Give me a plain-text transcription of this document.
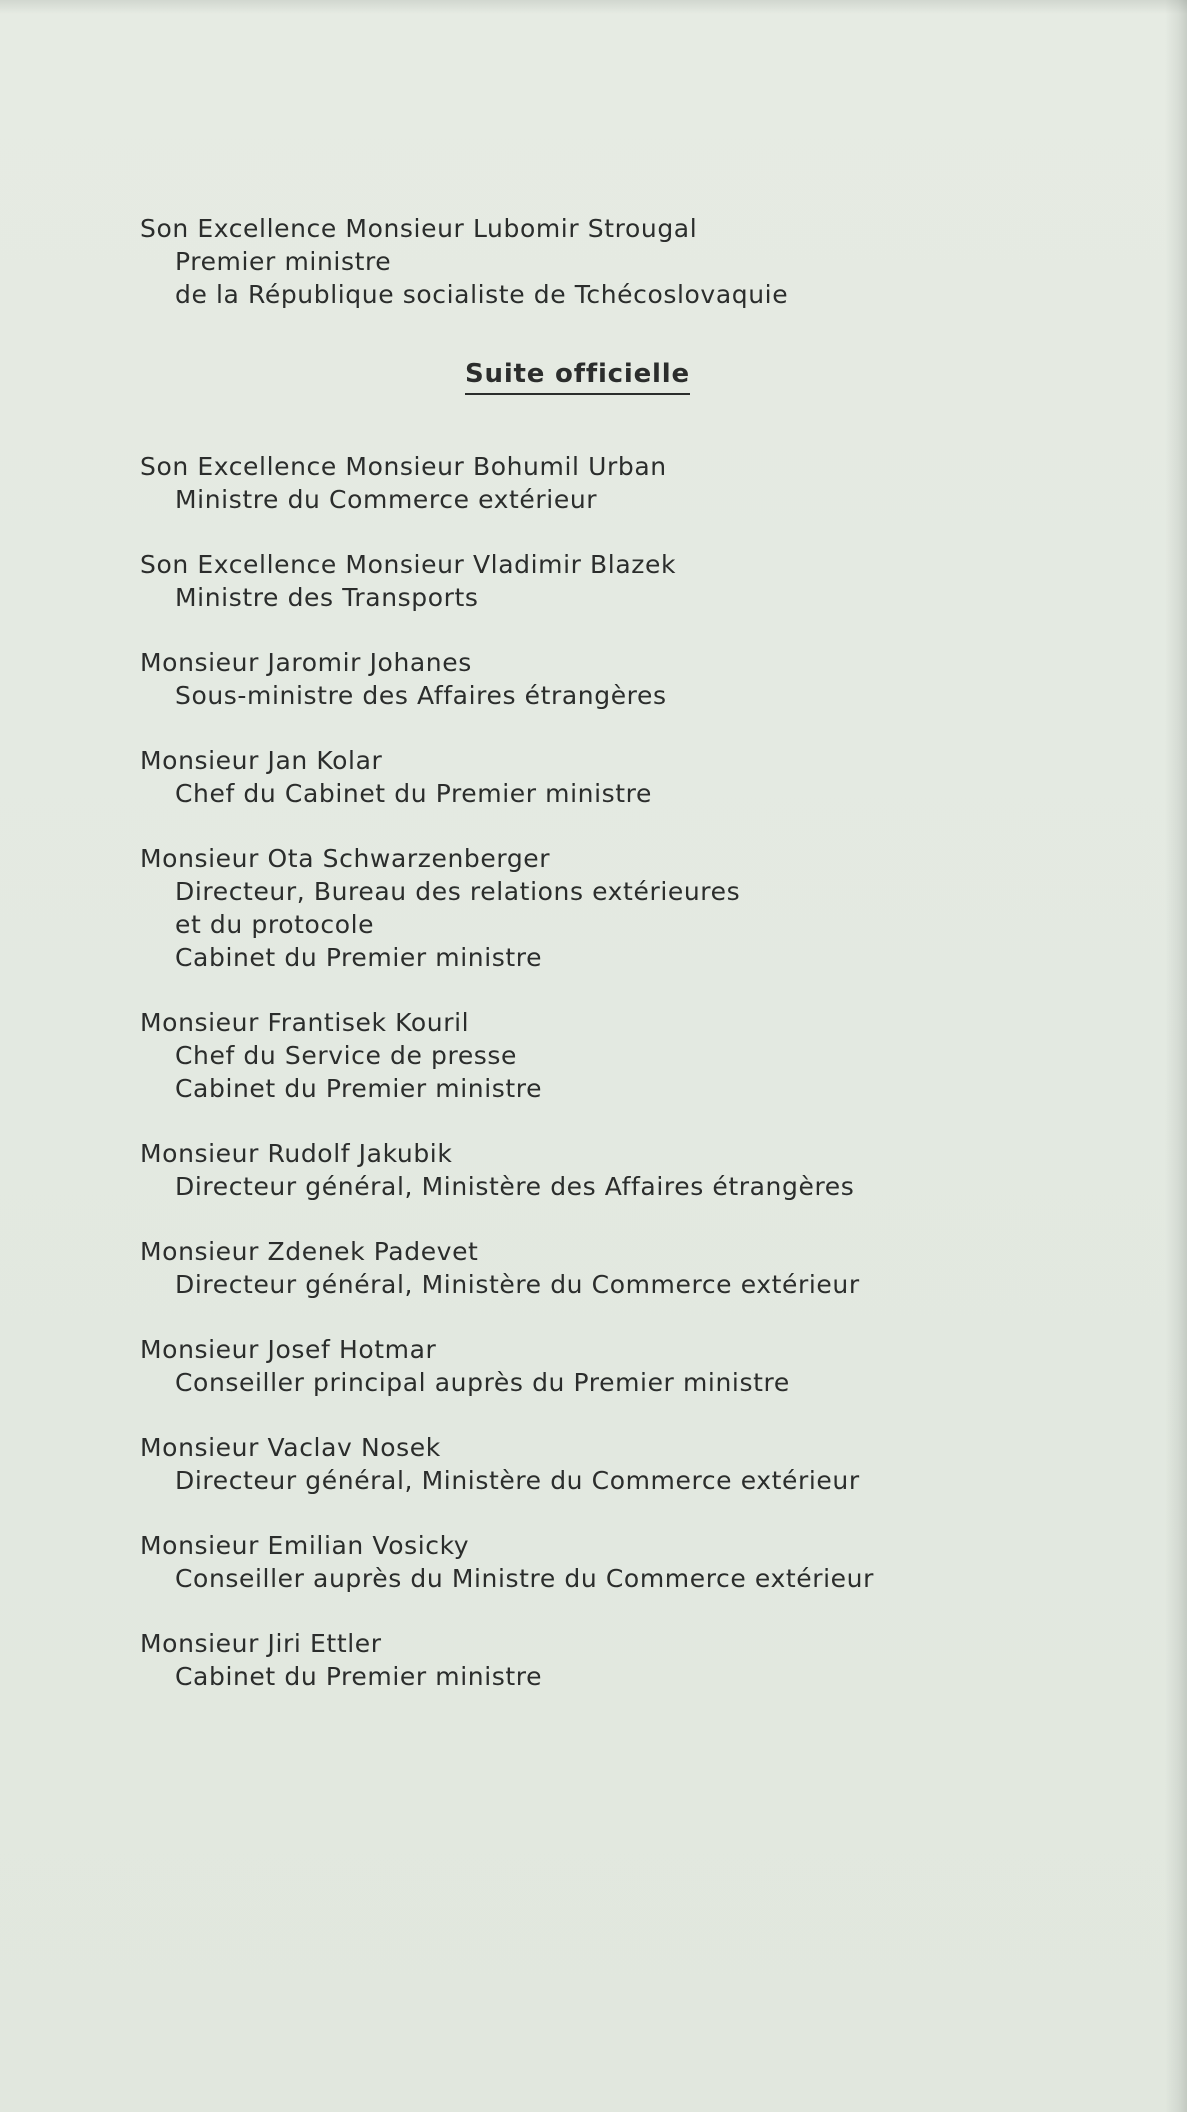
Son Excellence Monsieur Lubomir Strougal
Premier ministre
de la République socialiste de Tchécoslovaquie
Suite officielle
Son Excellence Monsieur Bohumil Urban
Ministre du Commerce extérieur
Son Excellence Monsieur Vladimir Blazek
Ministre des Transports
Monsieur Jaromir Johanes
Sous-ministre des Affaires étrangères
Monsieur Jan Kolar
Chef du Cabinet du Premier ministre
Monsieur Ota Schwarzenberger
Directeur, Bureau des relations extérieures
et du protocole
Cabinet du Premier ministre
Monsieur Frantisek Kouril
Chef du Service de presse
Cabinet du Premier ministre
Monsieur Rudolf Jakubik
Directeur général, Ministère des Affaires étrangères
Monsieur Zdenek Padevet
Directeur général, Ministère du Commerce extérieur
Monsieur Josef Hotmar
Conseiller principal auprès du Premier ministre
Monsieur Vaclav Nosek
Directeur général, Ministère du Commerce extérieur
Monsieur Emilian Vosicky
Conseiller auprès du Ministre du Commerce extérieur
Monsieur Jiri Ettler
Cabinet du Premier ministre
